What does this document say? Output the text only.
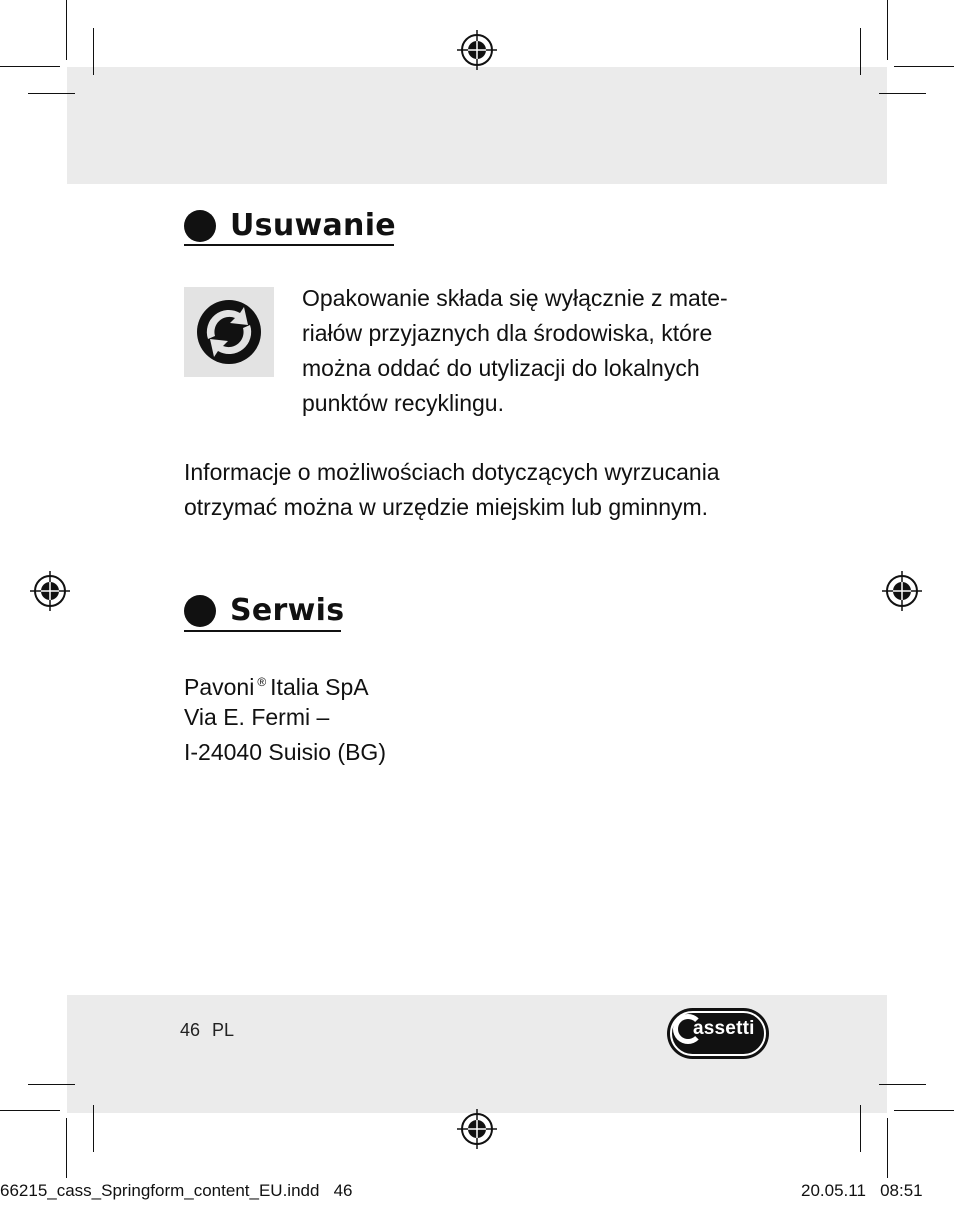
Usuwanie
Opakowanie składa się wyłącznie z mate-
riałów przyjaznych dla środowiska, które
można oddać do utylizacji do lokalnych
punktów recyklingu.
Informacje o możliwościach dotyczących wyrzucania
otrzymać można w urzędzie miejskim lub gminnym.
Serwis
Pavoni ® Italia SpA
Via E. Fermi –
I-24040 Suisio (BG)
46 PL	assetti
66215_cass_Springform_content_EU.indd   46	20.05.11   08:51
